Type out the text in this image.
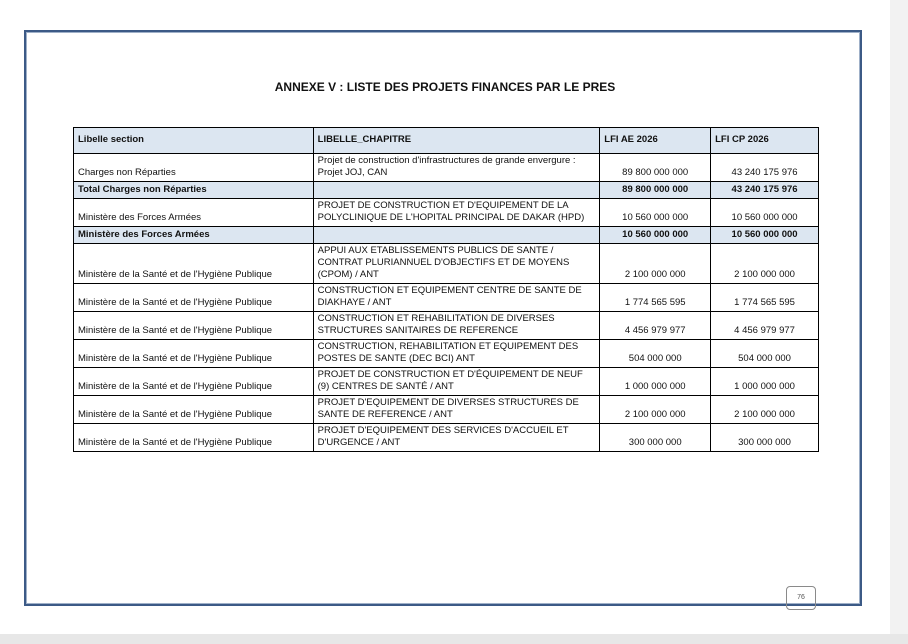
ANNEXE V : LISTE DES PROJETS FINANCES PAR LE PRES
Libelle section	LIBELLE_CHAPITRE	LFI AE 2026	LFI CP 2026
Charges non Réparties	Projet de construction d'infrastructures de grande envergure : Projet JOJ, CAN	89 800 000 000	43 240 175 976
Total Charges non Réparties		89 800 000 000	43 240 175 976
Ministère des Forces Armées	PROJET DE CONSTRUCTION ET D'EQUIPEMENT DE LA POLYCLINIQUE DE L'HOPITAL PRINCIPAL DE DAKAR (HPD)	10 560 000 000	10 560 000 000
Ministère des Forces Armées		10 560 000 000	10 560 000 000
Ministère de la Santé et de l'Hygiène Publique	APPUI AUX ETABLISSEMENTS PUBLICS DE SANTE / CONTRAT PLURIANNUEL D'OBJECTIFS ET DE MOYENS (CPOM) / ANT	2 100 000 000	2 100 000 000
Ministère de la Santé et de l'Hygiène Publique	CONSTRUCTION ET EQUIPEMENT CENTRE DE SANTE DE DIAKHAYE / ANT	1 774 565 595	1 774 565 595
Ministère de la Santé et de l'Hygiène Publique	CONSTRUCTION ET REHABILITATION DE DIVERSES STRUCTURES SANITAIRES DE REFERENCE	4 456 979 977	4 456 979 977
Ministère de la Santé et de l'Hygiène Publique	CONSTRUCTION, REHABILITATION ET EQUIPEMENT DES POSTES DE SANTE (DEC BCI) ANT	504 000 000	504 000 000
Ministère de la Santé et de l'Hygiène Publique	PROJET DE CONSTRUCTION ET D'ÉQUIPEMENT DE NEUF (9) CENTRES DE SANTÉ / ANT	1 000 000 000	1 000 000 000
Ministère de la Santé et de l'Hygiène Publique	PROJET D'EQUIPEMENT DE DIVERSES STRUCTURES DE SANTE DE REFERENCE / ANT	2 100 000 000	2 100 000 000
Ministère de la Santé et de l'Hygiène Publique	PROJET D'EQUIPEMENT DES SERVICES D'ACCUEIL ET D'URGENCE / ANT	300 000 000	300 000 000
76
